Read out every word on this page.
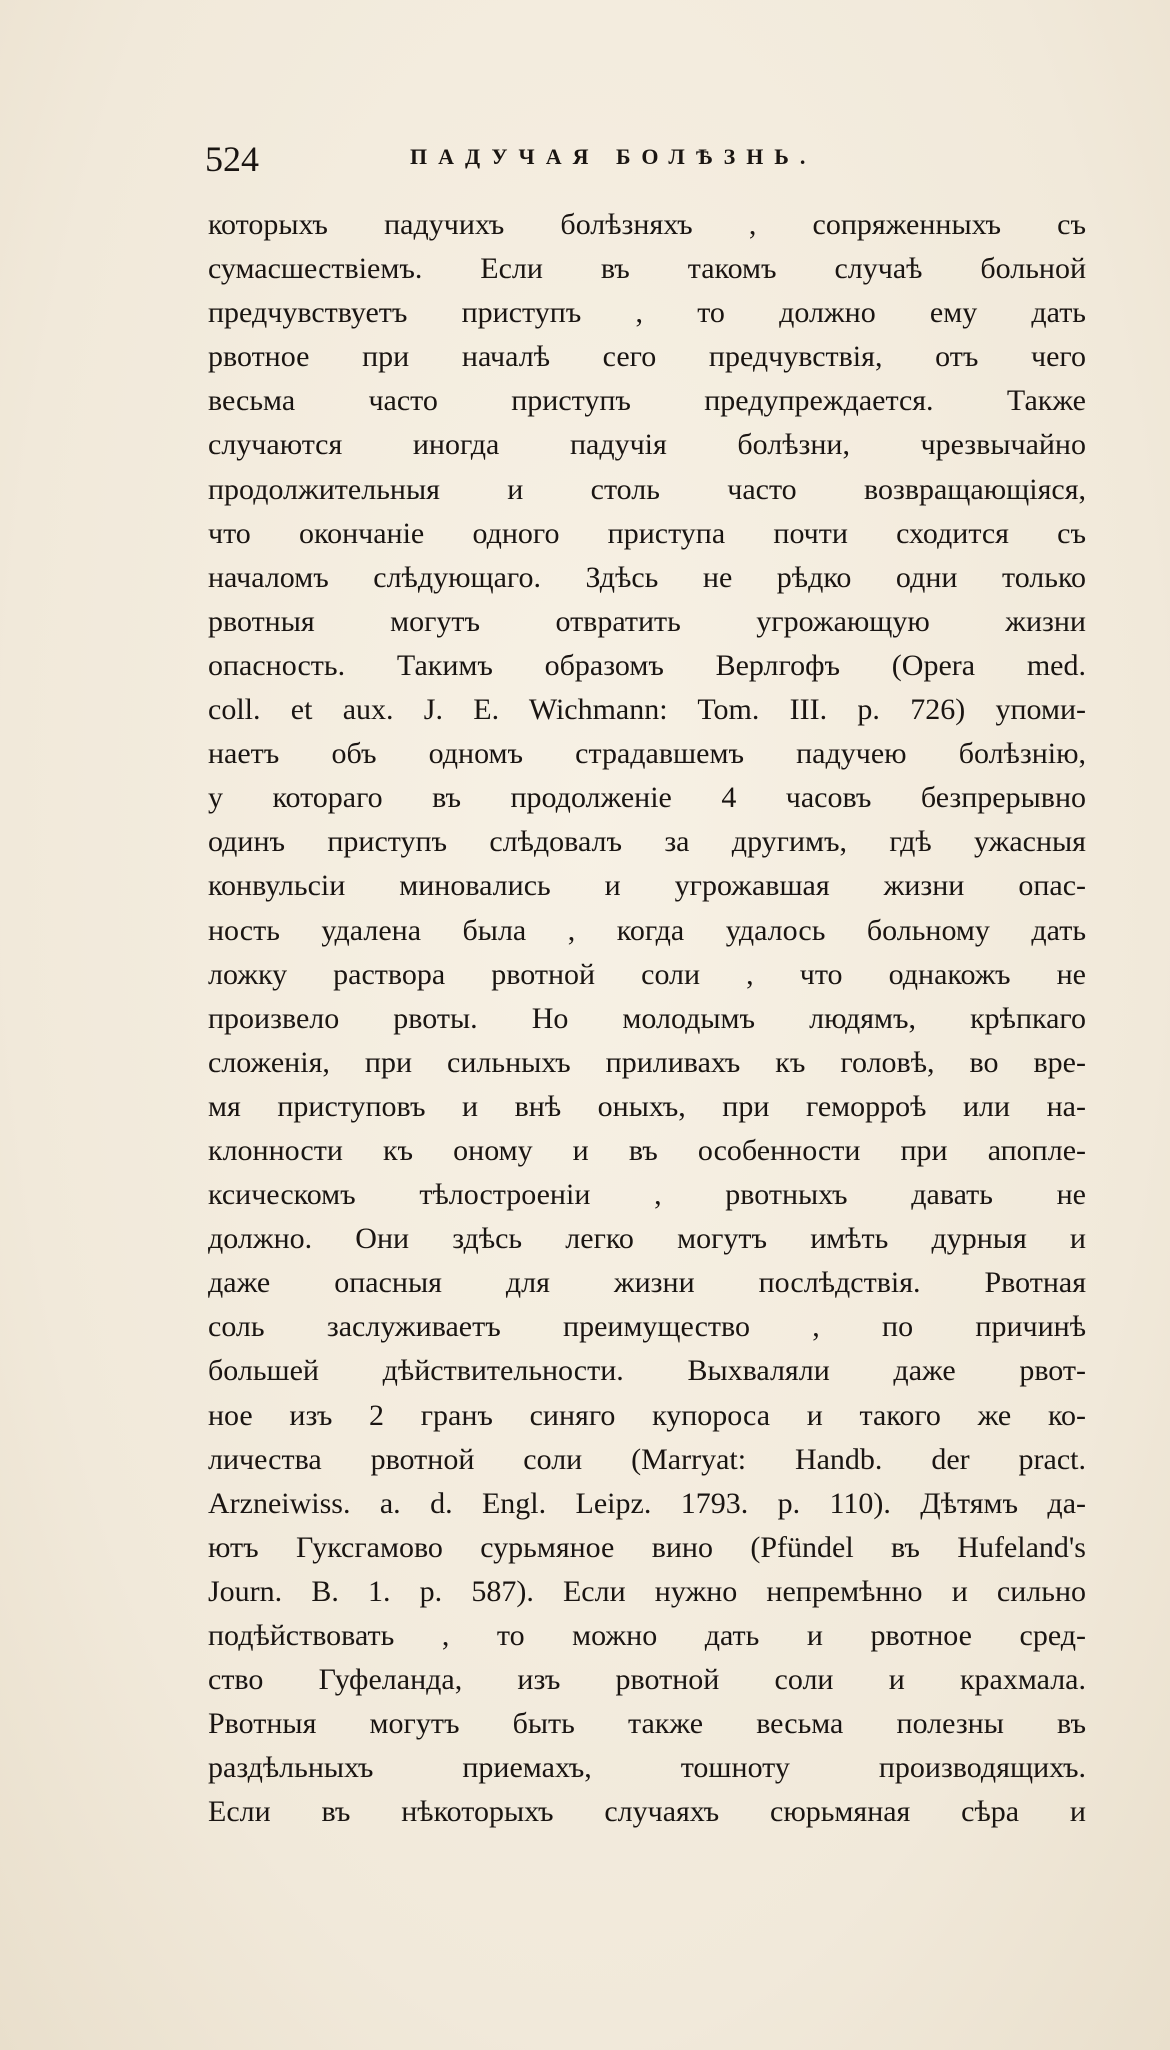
524	ПАДУЧАЯ БОЛѢЗНЬ.
которыхъ падучихъ болѣзняхъ , сопряженныхъ съ
сумасшествіемъ. Если въ такомъ случаѣ больной
предчувствуетъ приступъ , то должно ему дать
рвотное при началѣ сего предчувствія, отъ чего
весьма часто приступъ предупреждается. Также
случаются иногда падучія болѣзни, чрезвычайно
продолжительныя и столь часто возвращающіяся,
что окончаніе одного приступа почти сходится съ
началомъ слѣдующаго. Здѣсь не рѣдко одни только
рвотныя могутъ отвратить угрожающую жизни
опасность. Такимъ образомъ Верлгофъ (Opera med.
coll. et aux. J. E. Wichmann: Tom. III. p. 726) упоми-
наетъ объ одномъ страдавшемъ падучею болѣзнію,
у котораго въ продолженіе 4 часовъ безпрерывно
одинъ приступъ слѣдовалъ за другимъ, гдѣ ужасныя
конвульсіи миновались и угрожавшая жизни опас-
ность удалена была , когда удалось больному дать
ложку раствора рвотной соли , что однакожъ не
произвело рвоты. Но молодымъ людямъ, крѣпкаго
сложенія, при сильныхъ приливахъ къ головѣ, во вре-
мя приступовъ и внѣ оныхъ, при геморроѣ или на-
клонности къ оному и въ особенности при апопле-
ксическомъ тѣлостроеніи , рвотныхъ давать не
должно. Они здѣсь легко могутъ имѣть дурныя и
даже опасныя для жизни послѣдствія. Рвотная
соль заслуживаетъ преимущество , по причинѣ
большей дѣйствительности. Выхваляли даже рвот-
ное изъ 2 гранъ синяго купороса и такого же ко-
личества рвотной соли (Marryat: Handb. der pract.
Arzneiwiss. a. d. Engl. Leipz. 1793. p. 110). Дѣтямъ да-
ютъ Гуксгамово сурьмяное вино (Pfündel въ Hufeland's
Journ. B. 1. p. 587). Если нужно непремѣнно и сильно
подѣйствовать , то можно дать и рвотное сред-
ство Гуфеланда, изъ рвотной соли и крахмала.
Рвотныя могутъ быть также весьма полезны въ
раздѣльныхъ приемахъ, тошноту производящихъ.
Если въ нѣкоторыхъ случаяхъ сюрьмяная сѣра и
